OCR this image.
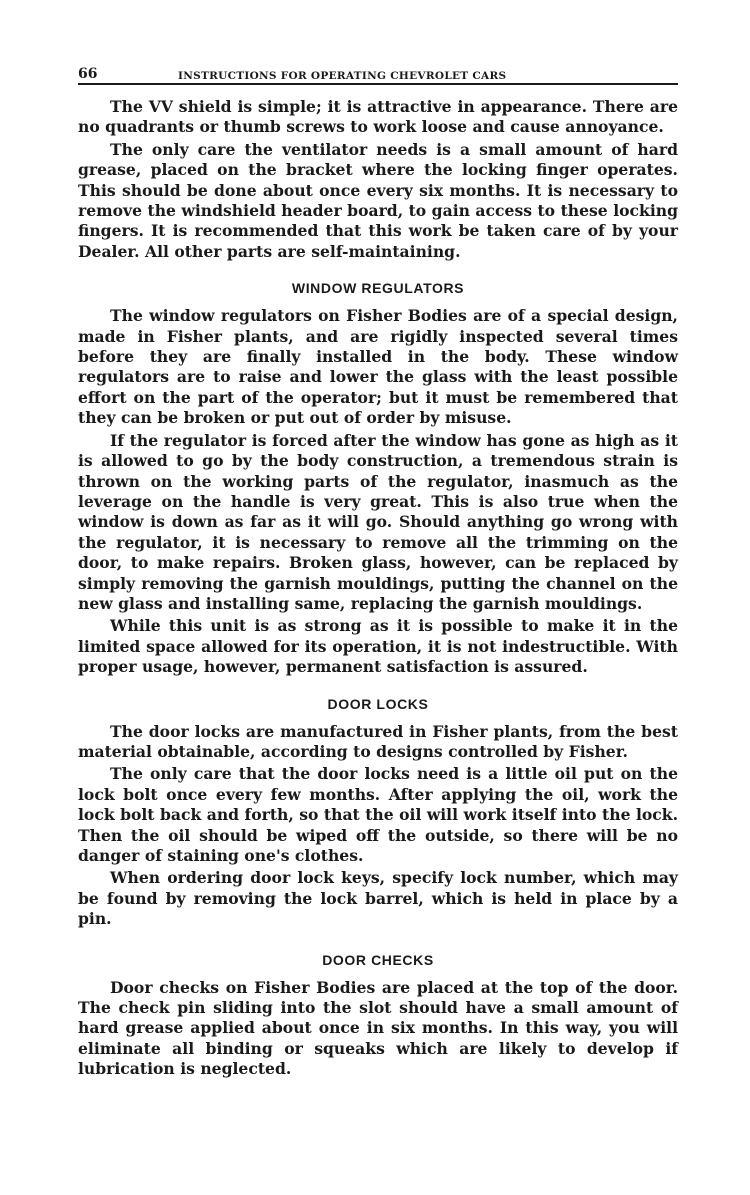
66	INSTRUCTIONS FOR OPERATING CHEVROLET CARS

The VV shield is simple; it is attractive in appearance. There are no quadrants or thumb screws to work loose and cause annoyance.

The only care the ventilator needs is a small amount of hard grease, placed on the bracket where the locking finger operates. This should be done about once every six months. It is necessary to remove the windshield header board, to gain access to these locking fingers. It is recommended that this work be taken care of by your Dealer. All other parts are self-maintaining.

WINDOW REGULATORS

The window regulators on Fisher Bodies are of a special design, made in Fisher plants, and are rigidly inspected several times before they are finally installed in the body. These window regulators are to raise and lower the glass with the least possible effort on the part of the operator; but it must be remembered that they can be broken or put out of order by misuse.

If the regulator is forced after the window has gone as high as it is allowed to go by the body construction, a tremendous strain is thrown on the working parts of the regulator, inasmuch as the leverage on the handle is very great. This is also true when the window is down as far as it will go. Should anything go wrong with the regulator, it is necessary to remove all the trimming on the door, to make repairs. Broken glass, however, can be replaced by simply removing the garnish mouldings, putting the channel on the new glass and installing same, replacing the garnish mouldings.

While this unit is as strong as it is possible to make it in the limited space allowed for its operation, it is not indestructible. With proper usage, however, permanent satisfaction is assured.

DOOR LOCKS

The door locks are manufactured in Fisher plants, from the best material obtainable, according to designs controlled by Fisher.

The only care that the door locks need is a little oil put on the lock bolt once every few months. After applying the oil, work the lock bolt back and forth, so that the oil will work itself into the lock. Then the oil should be wiped off the outside, so there will be no danger of staining one's clothes.

When ordering door lock keys, specify lock number, which may be found by removing the lock barrel, which is held in place by a pin.

DOOR CHECKS

Door checks on Fisher Bodies are placed at the top of the door. The check pin sliding into the slot should have a small amount of hard grease applied about once in six months. In this way, you will eliminate all binding or squeaks which are likely to develop if lubrication is neglected.
